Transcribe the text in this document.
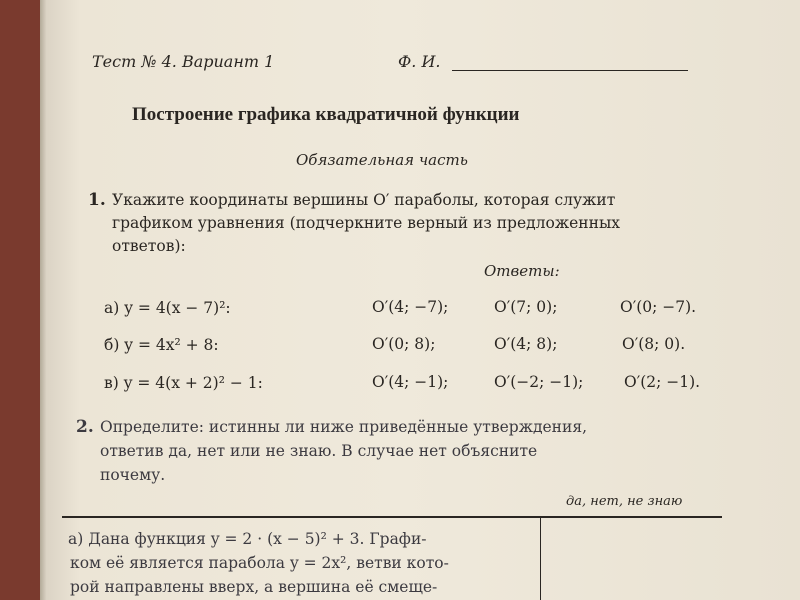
Тест № 4. Вариант 1	Ф. И.
Построение графика квадратичной функции
Обязательная часть
1. Укажите координаты вершины O′ параболы, которая служит
графиком уравнения (подчеркните верный из предложенных
ответов):
Ответы:
а) y = 4(x − 7)²:	O′(4; −7);	O′(7; 0);	O′(0; −7).
б) y = 4x² + 8:	O′(0; 8);	O′(4; 8);	O′(8; 0).
в) y = 4(x + 2)² − 1:	O′(4; −1);	O′(−2; −1);	O′(2; −1).
2. Определите: истинны ли ниже приведённые утверждения,
ответив да, нет или не знаю. В случае нет объясните
почему.
да, нет, не знаю
а) Дана функция y = 2 · (x − 5)² + 3. Графи-
ком её является парабола y = 2x², ветви кото-
рой направлены вверх, а вершина её смеще-
